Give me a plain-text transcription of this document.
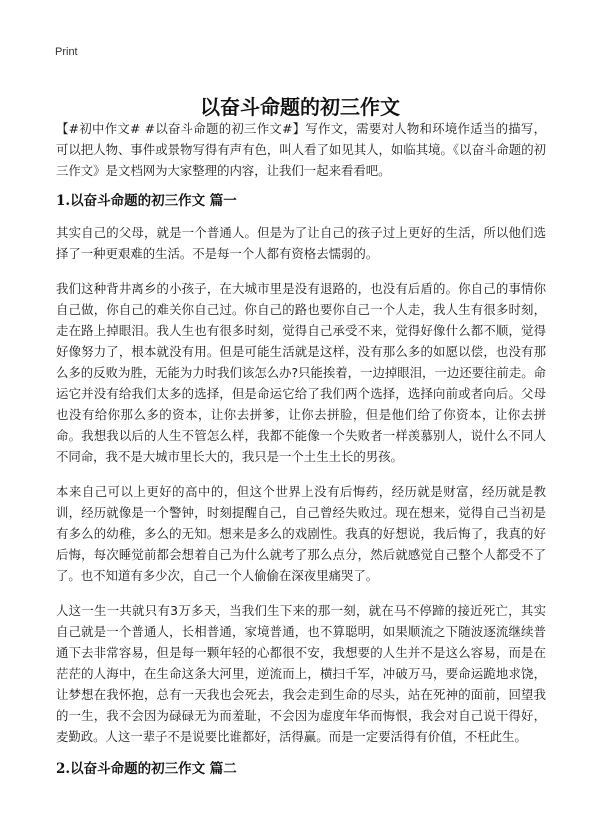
Print
以奋斗命题的初三作文

【#初中作文# #以奋斗命题的初三作文#】写作文，需要对人物和环境作适当的描写，可以把人物、事件或景物写得有声有色，叫人看了如见其人，如临其境。《以奋斗命题的初三作文》是文档网为大家整理的内容，让我们一起来看看吧。

1.以奋斗命题的初三作文 篇一

其实自己的父母，就是一个普通人。但是为了让自己的孩子过上更好的生活，所以他们选择了一种更艰难的生活。不是每一个人都有资格去懦弱的。

我们这种背井离乡的小孩子，在大城市里是没有退路的，也没有后盾的。你自己的事情你自己做，你自己的难关你自己过。你自己的路也要你自己一个人走，我人生有很多时刻，走在路上掉眼泪。我人生也有很多时刻，觉得自己承受不来，觉得好像什么都不顺，觉得好像努力了，根本就没有用。但是可能生活就是这样，没有那么多的如愿以偿，也没有那么多的反败为胜，无能为力时我们该怎么办?只能挨着，一边掉眼泪，一边还要往前走。命运它并没有给我们太多的选择，但是命运它给了我们两个选择，选择向前或者向后。父母也没有给你那么多的资本，让你去拼爹，让你去拼脸，但是他们给了你资本，让你去拼命。我想我以后的人生不管怎么样，我都不能像一个失败者一样羡慕别人，说什么不同人不同命，我不是大城市里长大的，我只是一个土生土长的男孩。

本来自己可以上更好的高中的，但这个世界上没有后悔药，经历就是财富，经历就是教训，经历就像是一个警钟，时刻提醒自己，自己曾经失败过。现在想来，觉得自己当初是有多么的幼稚，多么的无知。想来是多么的戏剧性。我真的好想说，我后悔了，我真的好后悔，每次睡觉前都会想着自己为什么就考了那么点分，然后就感觉自己整个人都受不了了。也不知道有多少次，自己一个人偷偷在深夜里痛哭了。

人这一生一共就只有3万多天，当我们生下来的那一刻，就在马不停蹄的接近死亡，其实自己就是一个普通人，长相普通，家境普通，也不算聪明，如果顺流之下随波逐流继续普通下去非常容易，但是每一颗年轻的心都很不安，我想要的人生并不是这么容易，而是在茫茫的人海中，在生命这条大河里，逆流而上，横扫千军，冲破万马，要命运跪地求饶，让梦想在我怀抱，总有一天我也会死去，我会走到生命的尽头，站在死神的面前，回望我的一生，我不会因为碌碌无为而羞耻，不会因为虚度年华而悔恨，我会对自己说干得好，麦勤政。人这一辈子不是说要比谁都好，活得赢。而是一定要活得有价值，不枉此生。

2.以奋斗命题的初三作文 篇二
